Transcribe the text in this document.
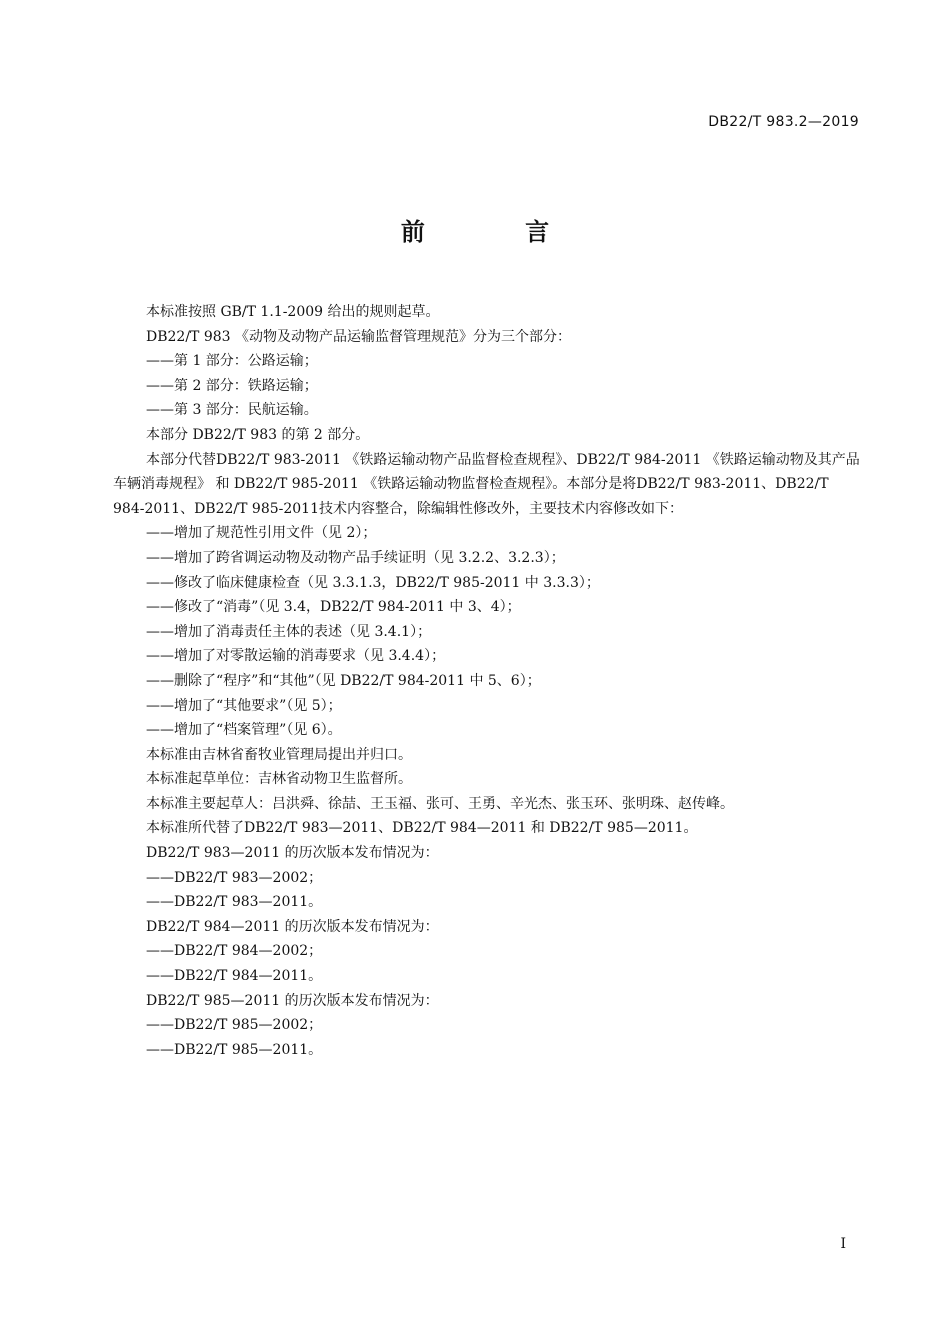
DB22/T 983.2—2019
前 言

本标准按照 GB/T 1.1-2009 给出的规则起草。

DB22/T 983 《动物及动物产品运输监督管理规范》分为三个部分：

——第 1 部分：公路运输；

——第 2 部分：铁路运输；

——第 3 部分：民航运输。

本部分 DB22/T 983 的第 2 部分。

本部分代替DB22/T 983-2011 《铁路运输动物产品监督检查规程》、DB22/T 984-2011 《铁路运输动物及其产品车辆消毒规程》 和 DB22/T 985-2011 《铁路运输动物监督检查规程》。本部分是将DB22/T 983-2011、DB22/T 984-2011、DB22/T 985-2011技术内容整合，除编辑性修改外，主要技术内容修改如下：

——增加了规范性引用文件（见 2）；

——增加了跨省调运动物及动物产品手续证明（见 3.2.2、3.2.3）；

——修改了临床健康检查（见 3.3.1.3，DB22/T 985-2011 中 3.3.3）；

——修改了“消毒”（见 3.4，DB22/T 984-2011 中 3、4）；

——增加了消毒责任主体的表述（见 3.4.1）；

——增加了对零散运输的消毒要求（见 3.4.4）；

——删除了“程序”和“其他”（见 DB22/T 984-2011 中 5、6）；

——增加了“其他要求”（见 5）；

——增加了“档案管理”（见 6）。

本标准由吉林省畜牧业管理局提出并归口。

本标准起草单位：吉林省动物卫生监督所。

本标准主要起草人：吕洪舜、徐喆、王玉福、张可、王勇、辛光杰、张玉环、张明珠、赵传峰。

本标准所代替了DB22/T 983—2011、DB22/T 984—2011 和 DB22/T 985—2011。

DB22/T 983—2011 的历次版本发布情况为：

——DB22/T 983—2002；

——DB22/T 983—2011。

DB22/T 984—2011 的历次版本发布情况为：

——DB22/T 984—2002；

——DB22/T 984—2011。

DB22/T 985—2011 的历次版本发布情况为：

——DB22/T 985—2002；

——DB22/T 985—2011。

I
